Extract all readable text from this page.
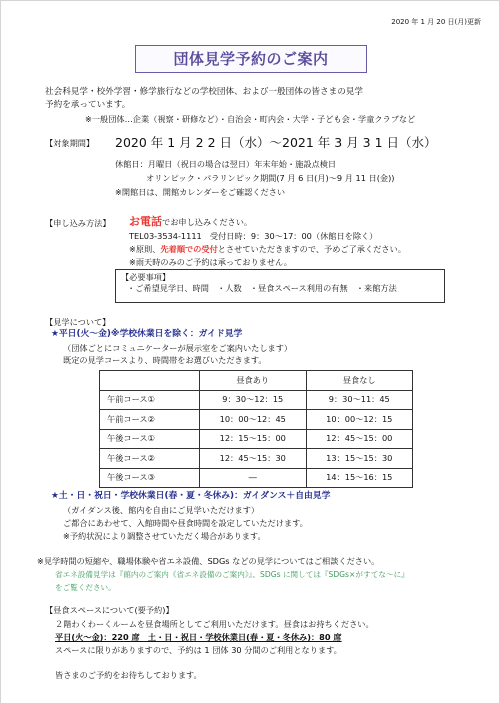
2020 年 1 月 20 日(月)更新
団体見学予約のご案内
社会科見学・校外学習・修学旅行などの学校団体、および一般団体の皆さまの見学
予約を承っています。
※一般団体…企業（視察・研修など）・自治会・町内会・大学・子ども会・学童クラブなど
【対象期間】 2020 年 1 月 2 2 日（水）～2021 年 3 月 3 1 日（水）
休館日：月曜日（祝日の場合は翌日）年末年始・施設点検日
オリンピック・パラリンピック期間(7 月 6 日(月)～9 月 11 日(金))
※開館日は、開館カレンダーをご確認ください
【申し込み方法】 お電話でお申し込みください。
TEL03-3534-1111　受付日時：9：30～17：00（休館日を除く）
※原則、先着順での受付とさせていただきますので、予めご了承ください。
※雨天時のみのご予約は承っておりません。
【必要事項】
・ご希望見学日、時間　・人数　・昼食スペース利用の有無　・来館方法
【見学について】
★平日(火～金)※学校休業日を除く：ガイド見学
（団体ごとにコミュニケーターが展示室をご案内いたします）
既定の見学コースより、時間帯をお選びいただきます。
	昼食あり	昼食なし
午前コース①	9：30～12：15	9：30～11：45
午前コース②	10：00～12：45	10：00～12：15
午後コース①	12：15～15：00	12：45～15：00
午後コース②	12：45～15：30	13：15～15：30
午後コース③	―	14：15～16：15
★土・日・祝日・学校休業日(春・夏・冬休み)：ガイダンス＋自由見学
（ガイダンス後、館内を自由にご見学いただけます）
ご都合にあわせて、入館時間や昼食時間を設定していただけます。
※予約状況により調整させていただく場合があります。
※見学時間の短縮や、職場体験や省エネ設備、SDGs などの見学についてはご相談ください。
省エネ設備見学は『館内のご案内《省エネ設備のご案内》』、SDGs に関しては『SDGs×がすてな～に』
をご覧ください。
【昼食スペースについて(要予約)】
２階わくわーくルームを昼食場所としてご利用いただけます。昼食はお持ちください。
平日(火～金)：220 席　土・日・祝日・学校休業日(春・夏・冬休み)：80 席
スペースに限りがありますので、予約は 1 団体 30 分間のご利用となります。
皆さまのご予約をお待ちしております。
